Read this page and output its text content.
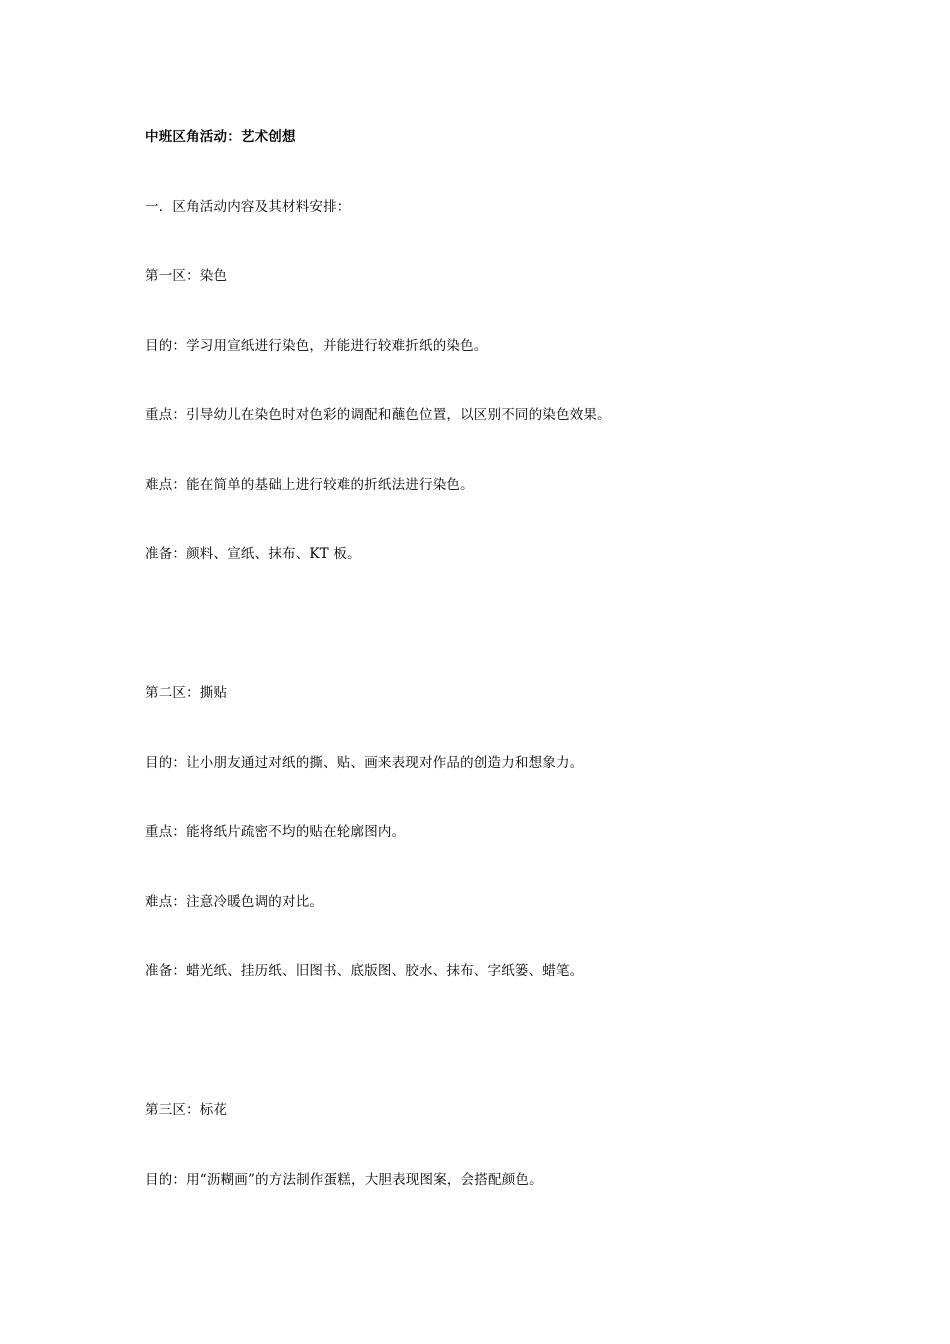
中班区角活动：艺术创想
一．区角活动内容及其材料安排：
第一区：染色
目的：学习用宣纸进行染色，并能进行较难折纸的染色。
重点：引导幼儿在染色时对色彩的调配和蘸色位置，以区别不同的染色效果。
难点：能在简单的基础上进行较难的折纸法进行染色。
准备：颜料、宣纸、抹布、KT 板。
第二区：撕贴
目的：让小朋友通过对纸的撕、贴、画来表现对作品的创造力和想象力。
重点：能将纸片疏密不均的贴在轮廓图内。
难点：注意冷暖色调的对比。
准备：蜡光纸、挂历纸、旧图书、底版图、胶水、抹布、字纸篓、蜡笔。
第三区：标花
目的：用“沥糊画”的方法制作蛋糕，大胆表现图案，会搭配颜色。
